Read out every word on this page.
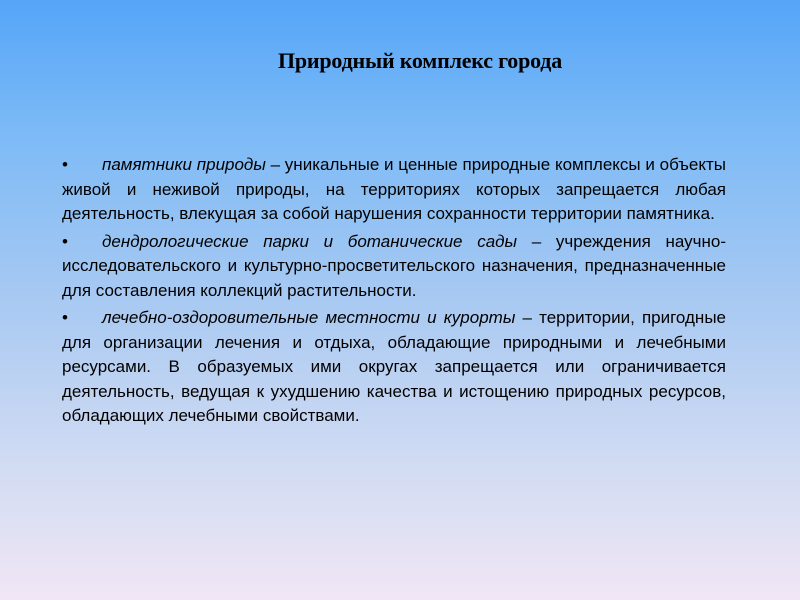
Природный комплекс города
• памятники природы – уникальные и ценные природные комплексы и объекты живой и неживой природы, на территориях которых запрещается любая деятельность, влекущая за собой нарушения сохранности территории памятника.
• дендрологические парки и ботанические сады – учреждения научно-исследовательского и культурно-просветительского назначения, предназначенные для составления коллекций растительности.
• лечебно-оздоровительные местности и курорты – территории, пригодные для организации лечения и отдыха, обладающие природными и лечебными ресурсами. В образуемых ими округах запрещается или ограничивается деятельность, ведущая к ухудшению качества и истощению природных ресурсов, обладающих лечебными свойствами.
